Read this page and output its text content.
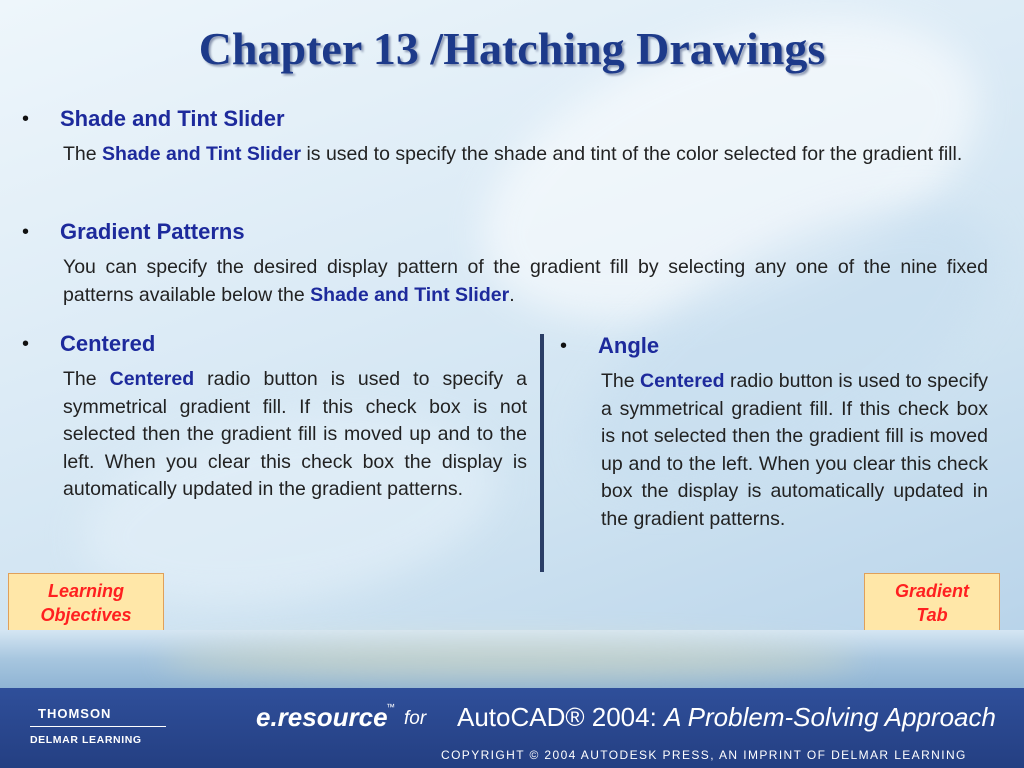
Chapter 13 /Hatching Drawings
•	Shade and Tint Slider
The Shade and Tint Slider is used to specify the shade and tint of the color selected for the gradient fill.
•	Gradient Patterns
You can specify the desired display pattern of the gradient fill by selecting any one of the nine fixed patterns available below the Shade and Tint Slider.
•	Centered
The Centered radio button is used to specify a symmetrical gradient fill. If this check box is not selected then the gradient fill is moved up and to the left. When you clear this check box the display is automatically updated in the gradient patterns.
•	Angle
The Centered radio button is used to specify a symmetrical gradient fill. If this check box is not selected then the gradient fill is moved up and to the left. When you clear this check box the display is automatically updated in the gradient patterns.
Learning
Objectives
Gradient
Tab
THOMSON
DELMAR LEARNING
e.resource
™
for AutoCAD® 2004: A Problem-Solving Approach
COPYRIGHT © 2004 AUTODESK PRESS, AN IMPRINT OF DELMAR LEARNING
